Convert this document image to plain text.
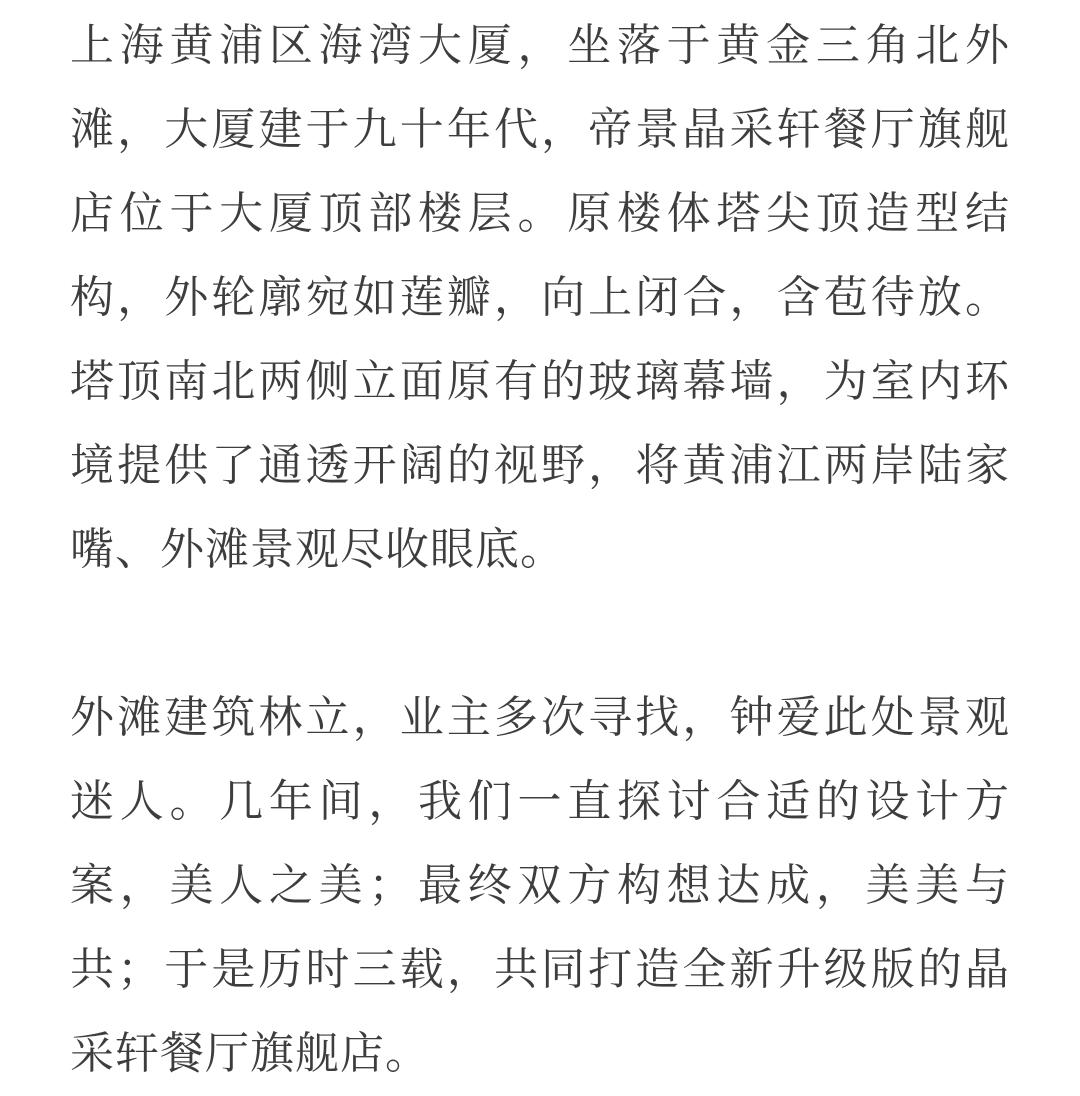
上海黄浦区海湾大厦，坐落于黄金三角北外滩，大厦建于九十年代，帝景晶采轩餐厅旗舰店位于大厦顶部楼层。原楼体塔尖顶造型结构，外轮廓宛如莲瓣，向上闭合，含苞待放。塔顶南北两侧立面原有的玻璃幕墙，为室内环境提供了通透开阔的视野，将黄浦江两岸陆家嘴、外滩景观尽收眼底。

外滩建筑林立，业主多次寻找，钟爱此处景观迷人。几年间，我们一直探讨合适的设计方案，美人之美；最终双方构想达成，美美与共；于是历时三载，共同打造全新升级版的晶采轩餐厅旗舰店。
